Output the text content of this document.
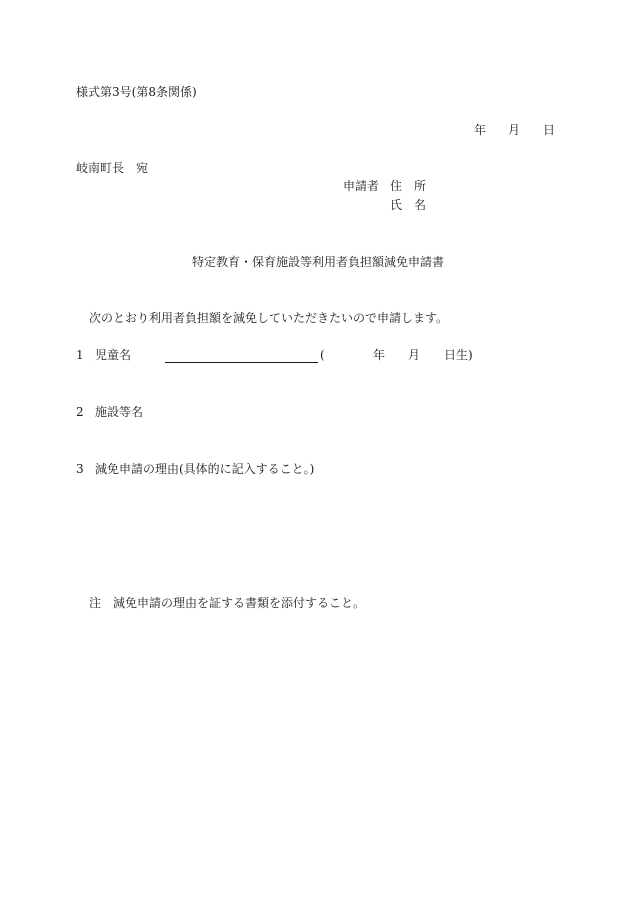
様式第3号(第8条関係)
年 月 日
岐南町長　宛
申請者 住　所
氏　名
特定教育・保育施設等利用者負担額減免申請書
次のとおり利用者負担額を減免していただきたいので申請します。
1 児童名	(	年 月 日生)
2 施設等名
3 減免申請の理由(具体的に記入すること。)
注 減免申請の理由を証する書類を添付すること。
